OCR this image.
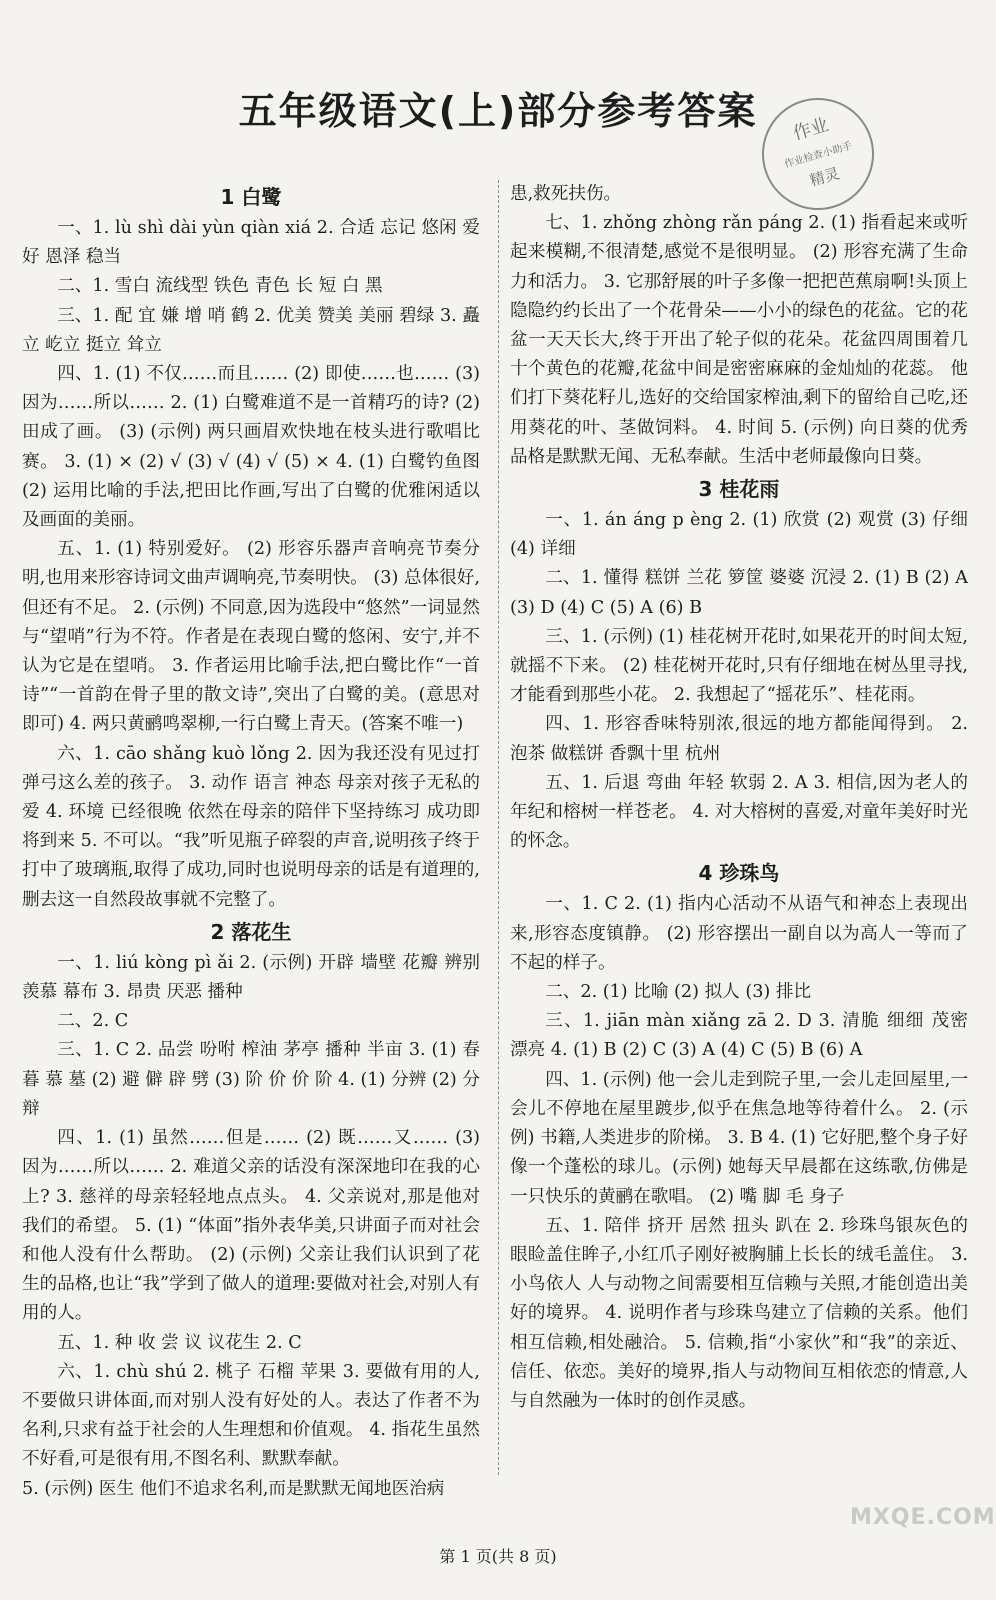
五年级语文(上)部分参考答案	作业
作业检查小助手
精灵
1 白鹭

一、1. lù shì dài yùn qiàn xiá 2. 合适 忘记 悠闲 爱好 恩泽 稳当

二、1. 雪白 流线型 铁色 青色 长 短 白 黑

三、1. 配 宜 嫌 增 哨 鹤 2. 优美 赞美 美丽 碧绿 3. 矗立 屹立 挺立 耸立

四、1. (1) 不仅……而且…… (2) 即使……也…… (3) 因为……所以…… 2. (1) 白鹭难道不是一首精巧的诗? (2) 田成了画。 (3) (示例) 两只画眉欢快地在枝头进行歌唱比赛。 3. (1) × (2) √ (3) √ (4) √ (5) × 4. (1) 白鹭钓鱼图 (2) 运用比喻的手法,把田比作画,写出了白鹭的优雅闲适以及画面的美丽。

五、1. (1) 特别爱好。 (2) 形容乐器声音响亮节奏分明,也用来形容诗词文曲声调响亮,节奏明快。 (3) 总体很好,但还有不足。 2. (示例) 不同意,因为选段中“悠然”一词显然与“望哨”行为不符。作者是在表现白鹭的悠闲、安宁,并不认为它是在望哨。 3. 作者运用比喻手法,把白鹭比作“一首诗”“一首韵在骨子里的散文诗”,突出了白鹭的美。(意思对即可) 4. 两只黄鹂鸣翠柳,一行白鹭上青天。(答案不唯一)

六、1. cāo shǎng kuò lǒng 2. 因为我还没有见过打弹弓这么差的孩子。 3. 动作 语言 神态 母亲对孩子无私的爱 4. 环境 已经很晚 依然在母亲的陪伴下坚持练习 成功即将到来 5. 不可以。“我”听见瓶子碎裂的声音,说明孩子终于打中了玻璃瓶,取得了成功,同时也说明母亲的话是有道理的,删去这一自然段故事就不完整了。

2 落花生

一、1. liú kòng pì ǎi 2. (示例) 开辟 墙壁 花瓣 辨别 羡慕 幕布 3. 昂贵 厌恶 播种

二、2. C

三、1. C 2. 品尝 吩咐 榨油 茅亭 播种 半亩 3. (1) 春 暮 慕 墓 (2) 避 僻 辟 劈 (3) 阶 价 价 阶 4. (1) 分辨 (2) 分辩

四、1. (1) 虽然……但是…… (2) 既……又…… (3) 因为……所以…… 2. 难道父亲的话没有深深地印在我的心上? 3. 慈祥的母亲轻轻地点点头。 4. 父亲说对,那是他对我们的希望。 5. (1) “体面”指外表华美,只讲面子而对社会和他人没有什么帮助。 (2) (示例) 父亲让我们认识到了花生的品格,也让“我”学到了做人的道理:要做对社会,对别人有用的人。

五、1. 种 收 尝 议 议花生 2. C

六、1. chù shú 2. 桃子 石榴 苹果 3. 要做有用的人,不要做只讲体面,而对别人没有好处的人。表达了作者不为名利,只求有益于社会的人生理想和价值观。 4. 指花生虽然不好看,可是很有用,不图名利、默默奉献。

5. (示例) 医生 他们不追求名利,而是默默无闻地医治病

患,救死扶伤。

七、1. zhǒng zhòng rǎn páng 2. (1) 指看起来或听起来模糊,不很清楚,感觉不是很明显。 (2) 形容充满了生命力和活力。 3. 它那舒展的叶子多像一把把芭蕉扇啊!头顶上隐隐约约长出了一个花骨朵——小小的绿色的花盆。它的花盆一天天长大,终于开出了轮子似的花朵。花盆四周围着几十个黄色的花瓣,花盆中间是密密麻麻的金灿灿的花蕊。 他们打下葵花籽儿,选好的交给国家榨油,剩下的留给自己吃,还用葵花的叶、茎做饲料。 4. 时间 5. (示例) 向日葵的优秀品格是默默无闻、无私奉献。生活中老师最像向日葵。

3 桂花雨

一、1. án áng p èng 2. (1) 欣赏 (2) 观赏 (3) 仔细 (4) 详细

二、1. 懂得 糕饼 兰花 箩筐 婆婆 沉浸 2. (1) B (2) A (3) D (4) C (5) A (6) B

三、1. (示例) (1) 桂花树开花时,如果花开的时间太短,就摇不下来。 (2) 桂花树开花时,只有仔细地在树丛里寻找,才能看到那些小花。 2. 我想起了“摇花乐”、桂花雨。

四、1. 形容香味特别浓,很远的地方都能闻得到。 2. 泡茶 做糕饼 香飘十里 杭州

五、1. 后退 弯曲 年轻 软弱 2. A 3. 相信,因为老人的年纪和榕树一样苍老。 4. 对大榕树的喜爱,对童年美好时光的怀念。

4 珍珠鸟

一、1. C 2. (1) 指内心活动不从语气和神态上表现出来,形容态度镇静。 (2) 形容摆出一副自以为高人一等而了不起的样子。

二、2. (1) 比喻 (2) 拟人 (3) 排比

三、1. jiān màn xiǎng zā 2. D 3. 清脆 细细 茂密 漂亮 4. (1) B (2) C (3) A (4) C (5) B (6) A

四、1. (示例) 他一会儿走到院子里,一会儿走回屋里,一会儿不停地在屋里踱步,似乎在焦急地等待着什么。 2. (示例) 书籍,人类进步的阶梯。 3. B 4. (1) 它好肥,整个身子好像一个蓬松的球儿。(示例) 她每天早晨都在这练歌,仿佛是一只快乐的黄鹂在歌唱。 (2) 嘴 脚 毛 身子

五、1. 陪伴 挤开 居然 扭头 趴在 2. 珍珠鸟银灰色的眼睑盖住眸子,小红爪子刚好被胸脯上长长的绒毛盖住。 3. 小鸟依人 人与动物之间需要相互信赖与关照,才能创造出美好的境界。 4. 说明作者与珍珠鸟建立了信赖的关系。他们相互信赖,相处融洽。 5. 信赖,指“小家伙”和“我”的亲近、信任、依恋。美好的境界,指人与动物间互相依恋的情意,人与自然融为一体时的创作灵感。

第 1 页(共 8 页)
MXQE.COM
